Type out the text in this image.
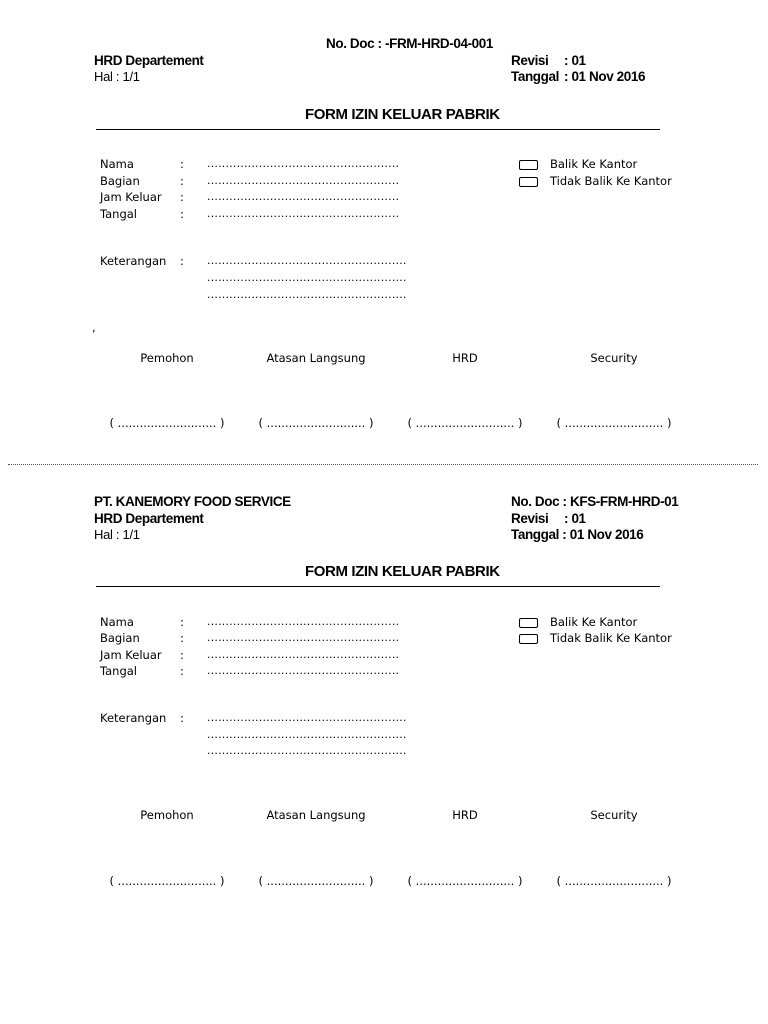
No. Doc : -FRM-HRD-04-001
HRD Departement
Hal : 1/1
Revisi : 01
Tanggal : 01 Nov 2016
FORM IZIN KELUAR PABRIK
Nama	: ....................................................
Bagian	: ....................................................
Jam Keluar : ....................................................
Tangal	: ....................................................
Keterangan : ......................................................
......................................................
......................................................
Balik Ke Kantor
Tidak Balik Ke Kantor
,
Pemohon	Atasan Langsung	HRD	Security
( ........................... )	( ........................... )	( ........................... )	( ........................... )
PT. KANEMORY FOOD SERVICE
HRD Departement
Hal : 1/1
No. Doc : KFS-FRM-HRD-01
Revisi : 01
Tanggal : 01 Nov 2016
FORM IZIN KELUAR PABRIK
Nama	: ....................................................
Bagian	: ....................................................
Jam Keluar : ....................................................
Tangal	: ....................................................
Keterangan : ......................................................
......................................................
......................................................
Balik Ke Kantor
Tidak Balik Ke Kantor
Pemohon	Atasan Langsung	HRD	Security
( ........................... )	( ........................... )	( ........................... )	( ........................... )
